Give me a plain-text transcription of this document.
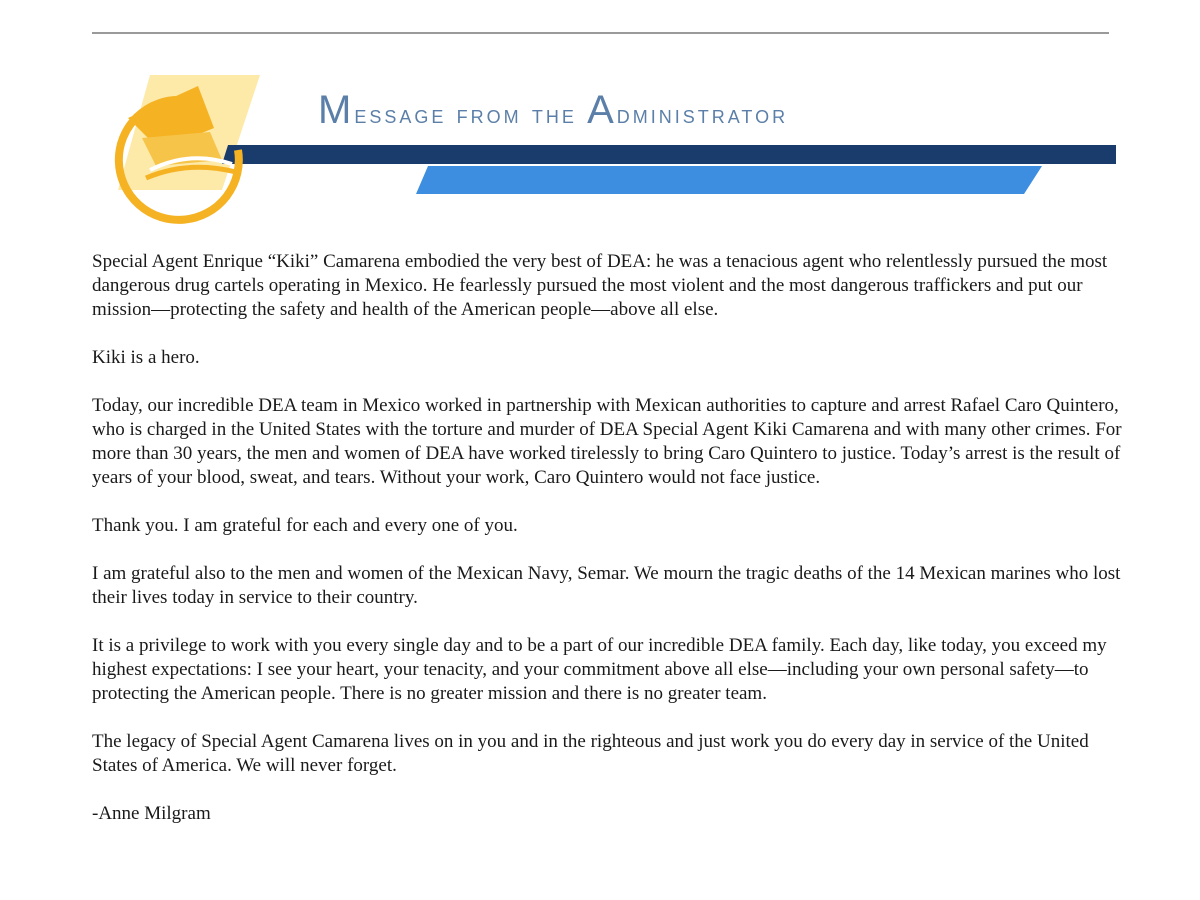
Message from the Administrator

Special Agent Enrique “Kiki” Camarena embodied the very best of DEA: he was a tenacious agent who relentlessly pursued the most dangerous drug cartels operating in Mexico. He fearlessly pursued the most violent and the most dangerous traffickers and put our mission—protecting the safety and health of the American people—above all else.

Kiki is a hero.

Today, our incredible DEA team in Mexico worked in partnership with Mexican authorities to capture and arrest Rafael Caro Quintero, who is charged in the United States with the torture and murder of DEA Special Agent Kiki Camarena and with many other crimes. For more than 30 years, the men and women of DEA have worked tirelessly to bring Caro Quintero to justice. Today’s arrest is the result of years of your blood, sweat, and tears. Without your work, Caro Quintero would not face justice.

Thank you. I am grateful for each and every one of you.

I am grateful also to the men and women of the Mexican Navy, Semar. We mourn the tragic deaths of the 14 Mexican marines who lost their lives today in service to their country.

It is a privilege to work with you every single day and to be a part of our incredible DEA family. Each day, like today, you exceed my highest expectations: I see your heart, your tenacity, and your commitment above all else—including your own personal safety—to protecting the American people. There is no greater mission and there is no greater team.

The legacy of Special Agent Camarena lives on in you and in the righteous and just work you do every day in service of the United States of America. We will never forget.

-Anne Milgram
